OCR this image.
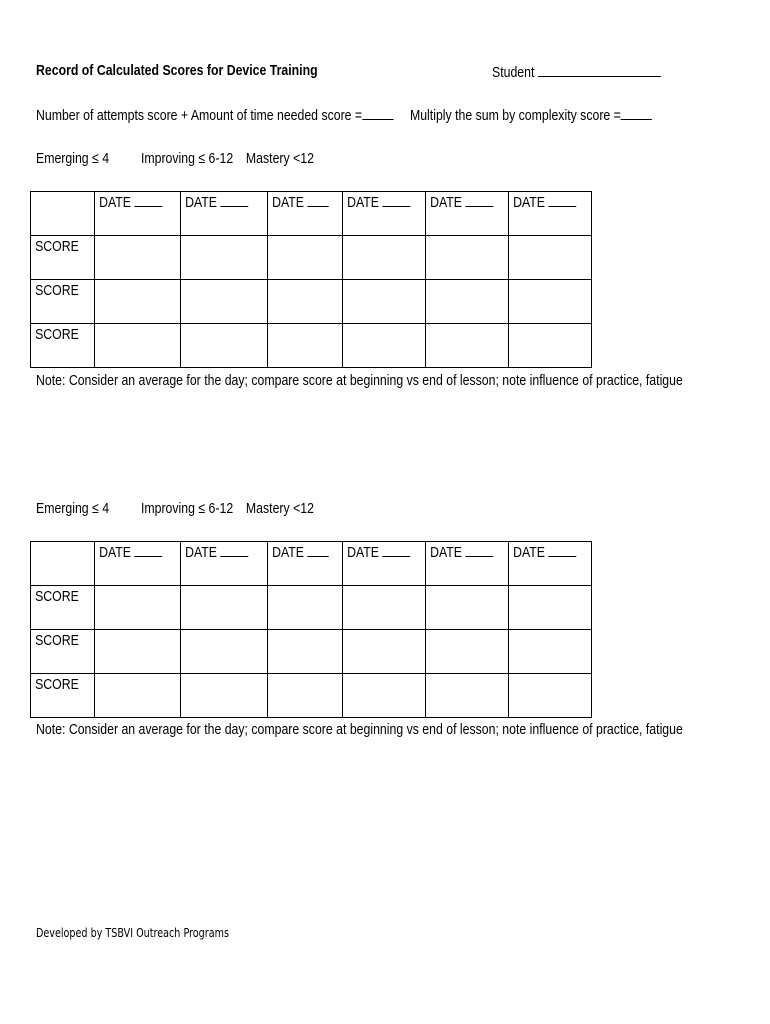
Record of Calculated Scores for Device Training	Student
Number of attempts score + Amount of time needed score =	Multiply the sum by complexity score =
Emerging ≤ 4 Improving ≤ 6-12 Mastery <12

	DATE	DATE	DATE	DATE	DATE	DATE

SCORE						

SCORE						

SCORE						

Note: Consider an average for the day; compare score at beginning vs end of lesson; note influence of practice, fatigue
Emerging ≤ 4 Improving ≤ 6-12 Mastery <12

	DATE	DATE	DATE	DATE	DATE	DATE

SCORE						

SCORE						

SCORE						

Note: Consider an average for the day; compare score at beginning vs end of lesson; note influence of practice, fatigue
Developed by TSBVI Outreach Programs
